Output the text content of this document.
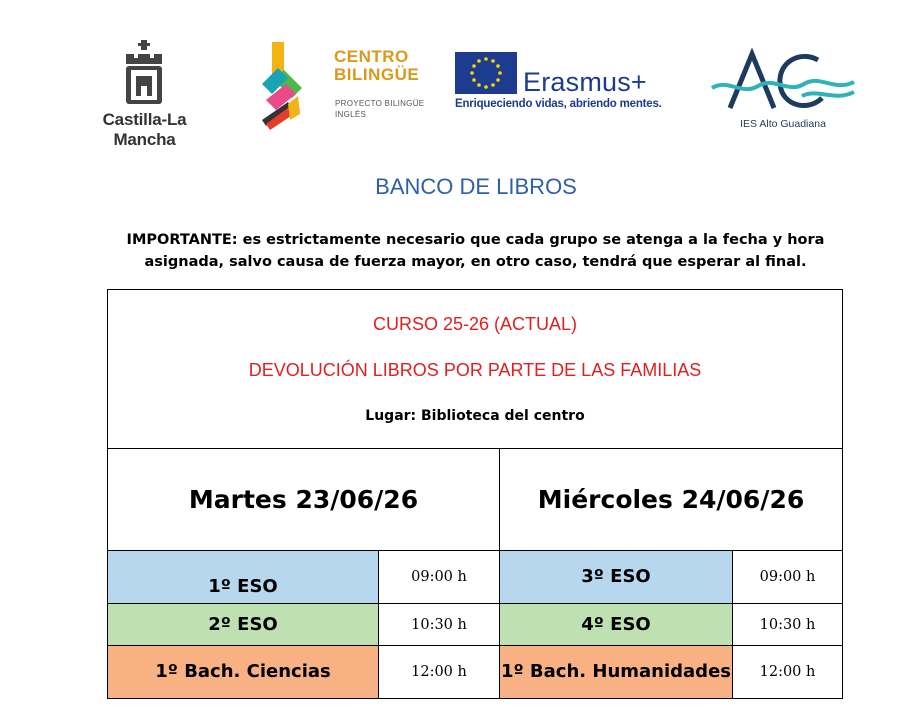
Castilla-La Mancha
CENTRO BILINGÜE
PROYECTO BILINGÜE INGLÉS
Erasmus+
Enriqueciendo vidas, abriendo mentes.
IES Alto Guadiana
BANCO DE LIBROS
IMPORTANTE: es estrictamente necesario que cada grupo se atenga a la fecha y hora asignada, salvo causa de fuerza mayor, en otro caso, tendrá que esperar al final.
CURSO 25-26 (ACTUAL)
DEVOLUCIÓN LIBROS POR PARTE DE LAS FAMILIAS
Lugar: Biblioteca del centro
Martes 23/06/26
1º ESO	09:00 h
2º ESO	10:30 h
1º Bach. Ciencias	12:00 h
Miércoles 24/06/26
3º ESO	09:00 h
4º ESO	10:30 h
1º Bach. Humanidades	12:00 h
